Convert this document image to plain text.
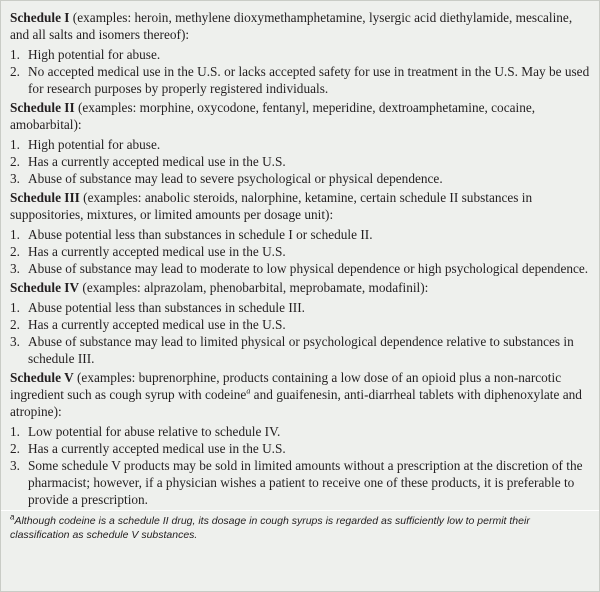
Schedule I (examples: heroin, methylene dioxymethamphetamine, lysergic acid diethylamide, mescaline, and all salts and isomers thereof):
1. High potential for abuse.
2. No accepted medical use in the U.S. or lacks accepted safety for use in treatment in the U.S. May be used for research purposes by properly registered individuals.
Schedule II (examples: morphine, oxycodone, fentanyl, meperidine, dextroamphetamine, cocaine, amobarbital):
1. High potential for abuse.
2. Has a currently accepted medical use in the U.S.
3. Abuse of substance may lead to severe psychological or physical dependence.
Schedule III (examples: anabolic steroids, nalorphine, ketamine, certain schedule II substances in suppositories, mixtures, or limited amounts per dosage unit):
1. Abuse potential less than substances in schedule I or schedule II.
2. Has a currently accepted medical use in the U.S.
3. Abuse of substance may lead to moderate to low physical dependence or high psychological dependence.
Schedule IV (examples: alprazolam, phenobarbital, meprobamate, modafinil):
1. Abuse potential less than substances in schedule III.
2. Has a currently accepted medical use in the U.S.
3. Abuse of substance may lead to limited physical or psychological dependence relative to substances in schedule III.
Schedule V (examples: buprenorphine, products containing a low dose of an opioid plus a non-narcotic ingredient such as cough syrup with codeine$^a$ and guaifenesin, anti-diarrheal tablets with diphenoxylate and atropine):
1. Low potential for abuse relative to schedule IV.
2. Has a currently accepted medical use in the U.S.
3. Some schedule V products may be sold in limited amounts without a prescription at the discretion of the pharmacist; however, if a physician wishes a patient to receive one of these products, it is preferable to provide a prescription.
$^a$Although codeine is a schedule II drug, its dosage in cough syrups is regarded as sufficiently low to permit their classification as schedule V substances.
